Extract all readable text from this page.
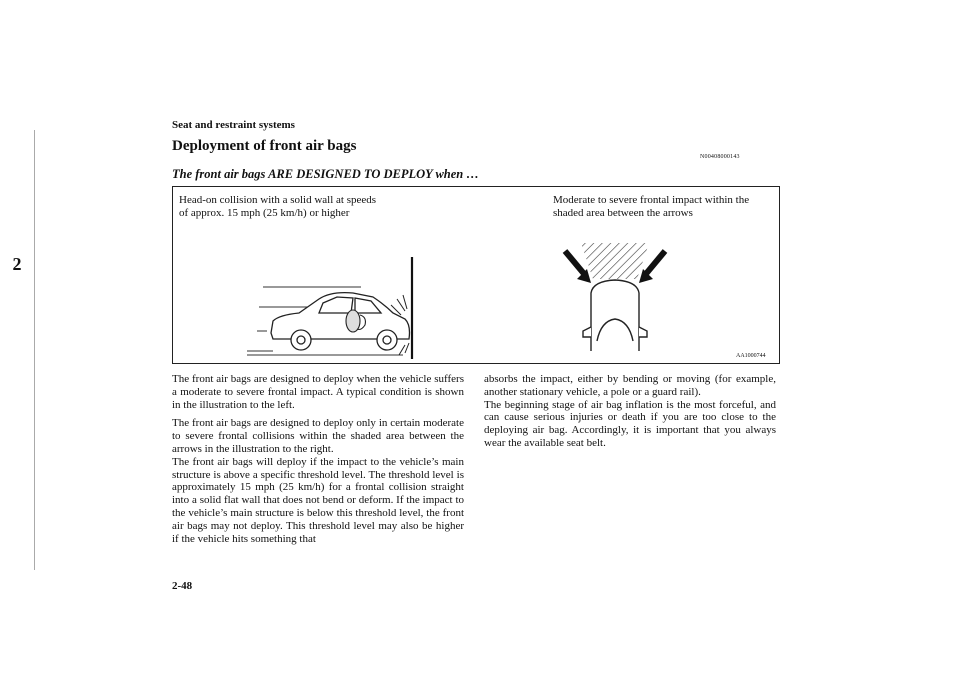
2
Seat and restraint systems
Deployment of front air bags
N00408000143
The front air bags ARE DESIGNED TO DEPLOY when …
Head-on collision with a solid wall at speeds of approx. 15 mph (25 km/h) or higher
Moderate to severe frontal impact within the shaded area between the arrows
AA1000744

The front air bags are designed to deploy when the vehicle suffers a moderate to severe frontal impact. A typical condition is shown in the illustration to the left.

The front air bags are designed to deploy only in certain moderate to severe frontal collisions within the shaded area between the arrows in the illustration to the right.

The front air bags will deploy if the impact to the vehicle’s main structure is above a specific threshold level. The threshold level is approximately 15 mph (25 km/h) for a frontal collision straight into a solid flat wall that does not bend or deform. If the impact to the vehicle’s main structure is below this threshold level, the front air bags may not deploy. This threshold level may also be higher if the vehicle hits something that

absorbs the impact, either by bending or moving (for example, another stationary vehicle, a pole or a guard rail).

The beginning stage of air bag inflation is the most forceful, and can cause serious injuries or death if you are too close to the deploying air bag. Accordingly, it is important that you always wear the available seat belt.

2-48
